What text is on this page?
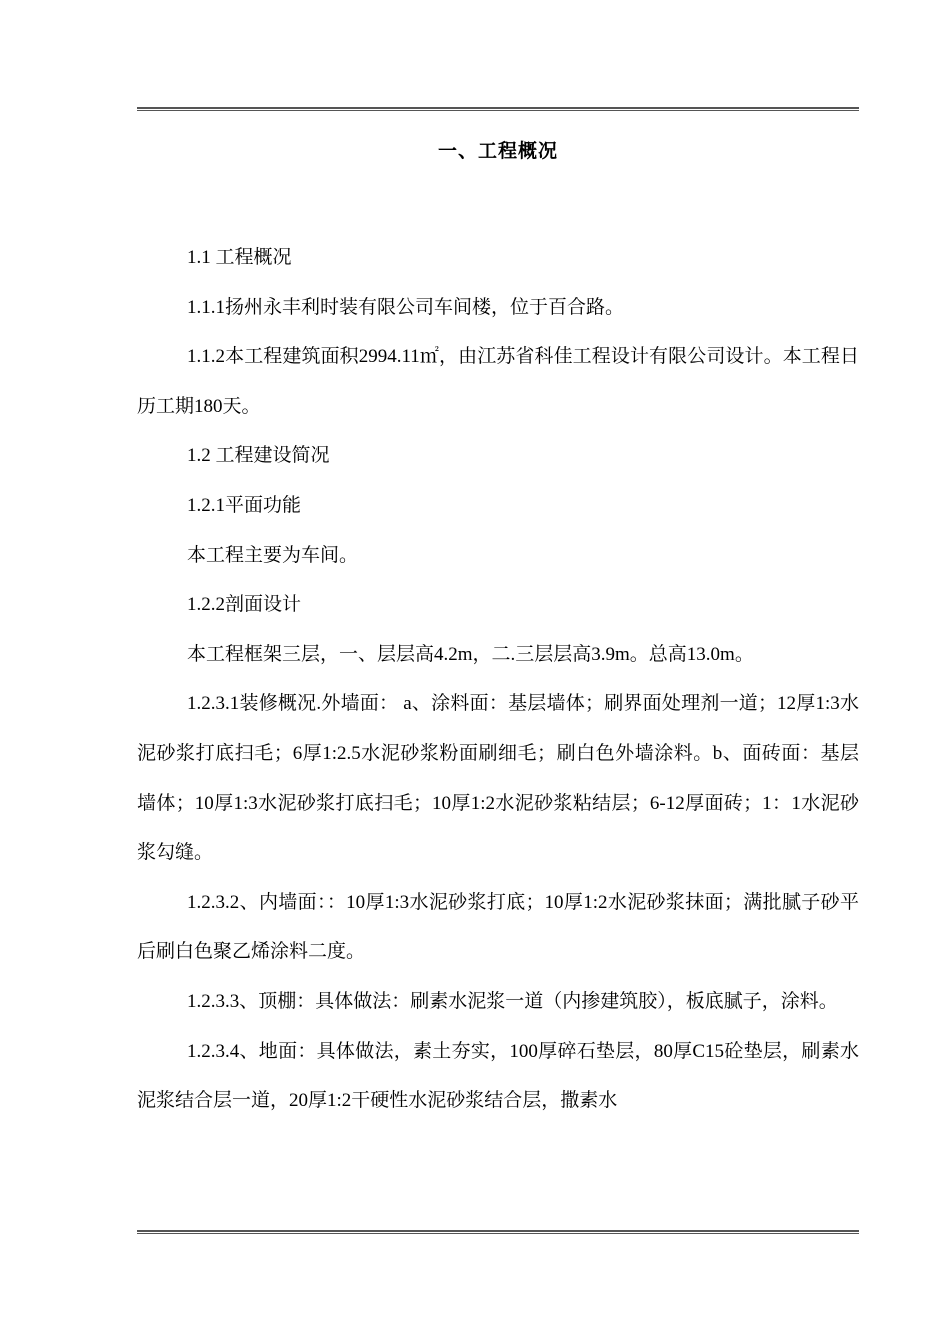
一、工程概况

1.1 工程概况

1.1.1扬州永丰利时装有限公司车间楼，位于百合路。

1.1.2本工程建筑面积2994.11㎡，由江苏省科佳工程设计有限公司设计。本工程日历工期180天。

1.2 工程建设简况

1.2.1平面功能

本工程主要为车间。

1.2.2剖面设计

本工程框架三层，一、层层高4.2m，二.三层层高3.9m。总高13.0m。

1.2.3.1装修概况.外墙面： a、涂料面：基层墙体；刷界面处理剂一道；12厚1:3水泥砂浆打底扫毛；6厚1:2.5水泥砂浆粉面刷细毛；刷白色外墙涂料。b、面砖面：基层墙体；10厚1:3水泥砂浆打底扫毛；10厚1:2水泥砂浆粘结层；6-12厚面砖；1：1水泥砂浆勾缝。

1.2.3.2、内墙面：：10厚1:3水泥砂浆打底；10厚1:2水泥砂浆抹面；满批腻子砂平后刷白色聚乙烯涂料二度。

1.2.3.3、顶棚：具体做法：刷素水泥浆一道（内掺建筑胶），板底腻子，涂料。

1.2.3.4、地面：具体做法，素土夯实，100厚碎石垫层，80厚C15砼垫层，刷素水泥浆结合层一道，20厚1:2干硬性水泥砂浆结合层，撒素水
